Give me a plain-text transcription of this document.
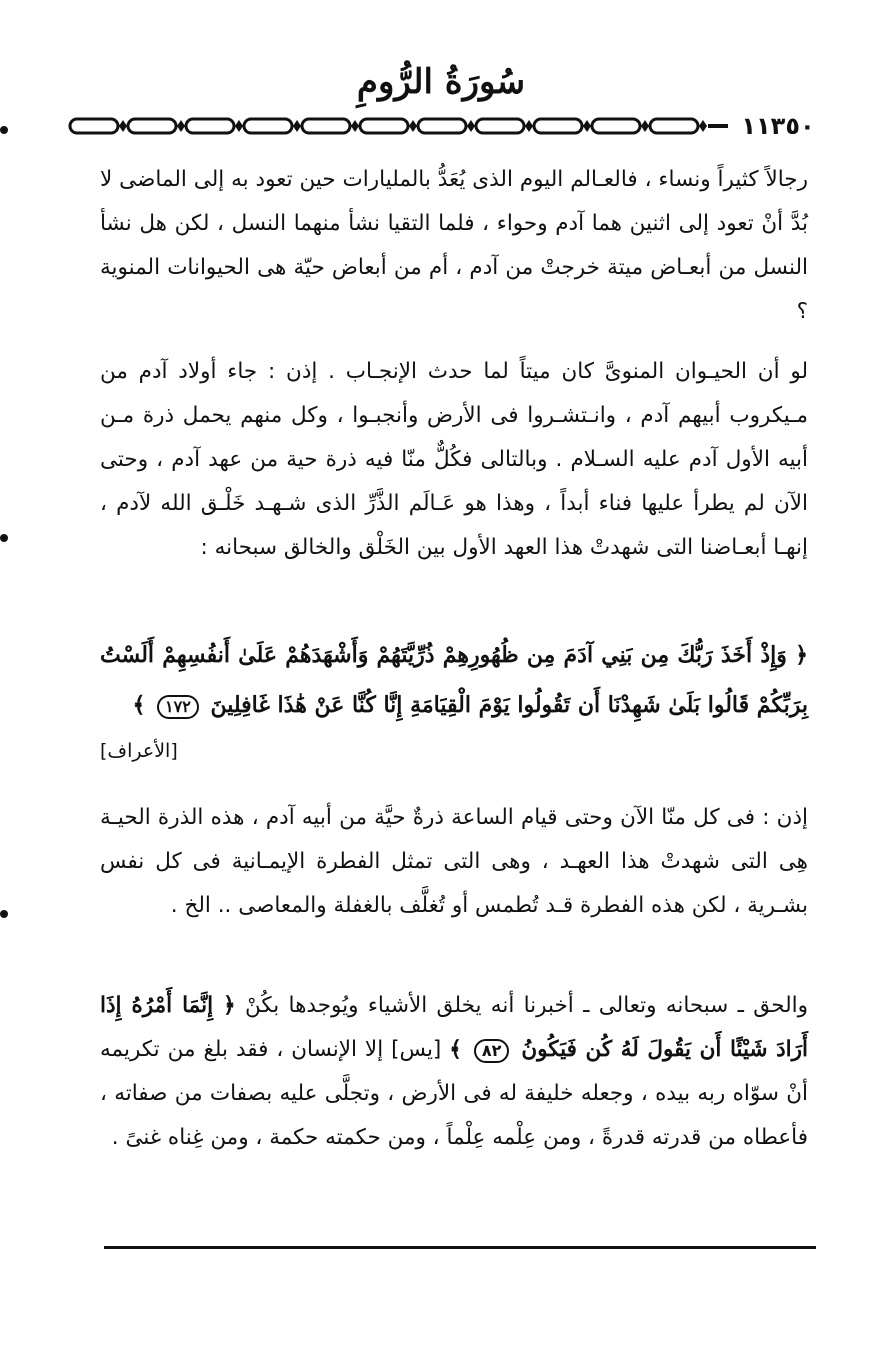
سُورَةُ الرُّومِ
١١٣٥٠

رجالاً كثيراً ونساء ، فالعـالم اليوم الذى يُعَدُّ بالمليارات حين تعود به إلى الماضى لا بُدَّ أنْ تعود إلى اثنين هما آدم وحواء ، فلما التقيا نشأ منهما النسل ، لكن هل نشأ النسل من أبعـاض ميتة خرجتْ من آدم ، أم من أبعاض حيّة هى الحيوانات المنوية ؟

لو أن الحيـوان المنوىَّ كان ميتاً لما حدث الإنجـاب . إذن : جاء أولاد آدم من مـيكروب أبيهم آدم ، وانـتشـروا فى الأرض وأنجبـوا ، وكل منهم يحمل ذرة مـن أبيه الأول آدم عليه السـلام . وبالتالى فكُلٌّ منّا فيه ذرة حية من عهد آدم ، وحتى الآن لم يطرأ عليها فناء أبداً ، وهذا هو عَـالَم الذَّرِّ الذى شـهـد خَلْـق الله لآدم ، إنهـا أبعـاضنا التى شهدتْ هذا العهد الأول بين الخَلْق والخالق سبحانه :

﴿ وَإِذْ أَخَذَ رَبُّكَ مِن بَنِي آدَمَ مِن ظُهُورِهِمْ ذُرِّيَّتَهُمْ وَأَشْهَدَهُمْ عَلَىٰ أَنفُسِهِمْ أَلَسْتُ بِرَبِّكُمْ قَالُوا بَلَىٰ شَهِدْنَا أَن تَقُولُوا يَوْمَ الْقِيَامَةِ إِنَّا كُنَّا عَنْ هَٰذَا غَافِلِينَ ١٧٢ ﴾
[الأعراف]

إذن : فى كل منّا الآن وحتى قيام الساعة ذرةٌ حيَّة من أبيه آدم ، هذه الذرة الحيـة هِى التى شهدتْ هذا العهـد ، وهى التى تمثل الفطرة الإيمـانية فى كل نفس بشـرية ، لكن هذه الفطرة قـد تُطمس أو تُغلَّف بالغفلة والمعاصى .. الخ .

والحق ـ سبحانه وتعالى ـ أخبرنا أنه يخلق الأشياء ويُوجدها بكُنْ ﴿ إِنَّمَا أَمْرُهُ إِذَا أَرَادَ شَيْئًا أَن يَقُولَ لَهُ كُن فَيَكُونُ ٨٢ ﴾ [يس] إلا الإنسان ، فقد بلغ من تكريمه أنْ سوّاه ربه بيده ، وجعله خليفة له فى الأرض ، وتجلَّى عليه بصفات من صفاته ، فأعطاه من قدرته قدرةً ، ومن عِلْمه عِلْماً ، ومن حكمته حكمة ، ومن غِناه غنىً .
